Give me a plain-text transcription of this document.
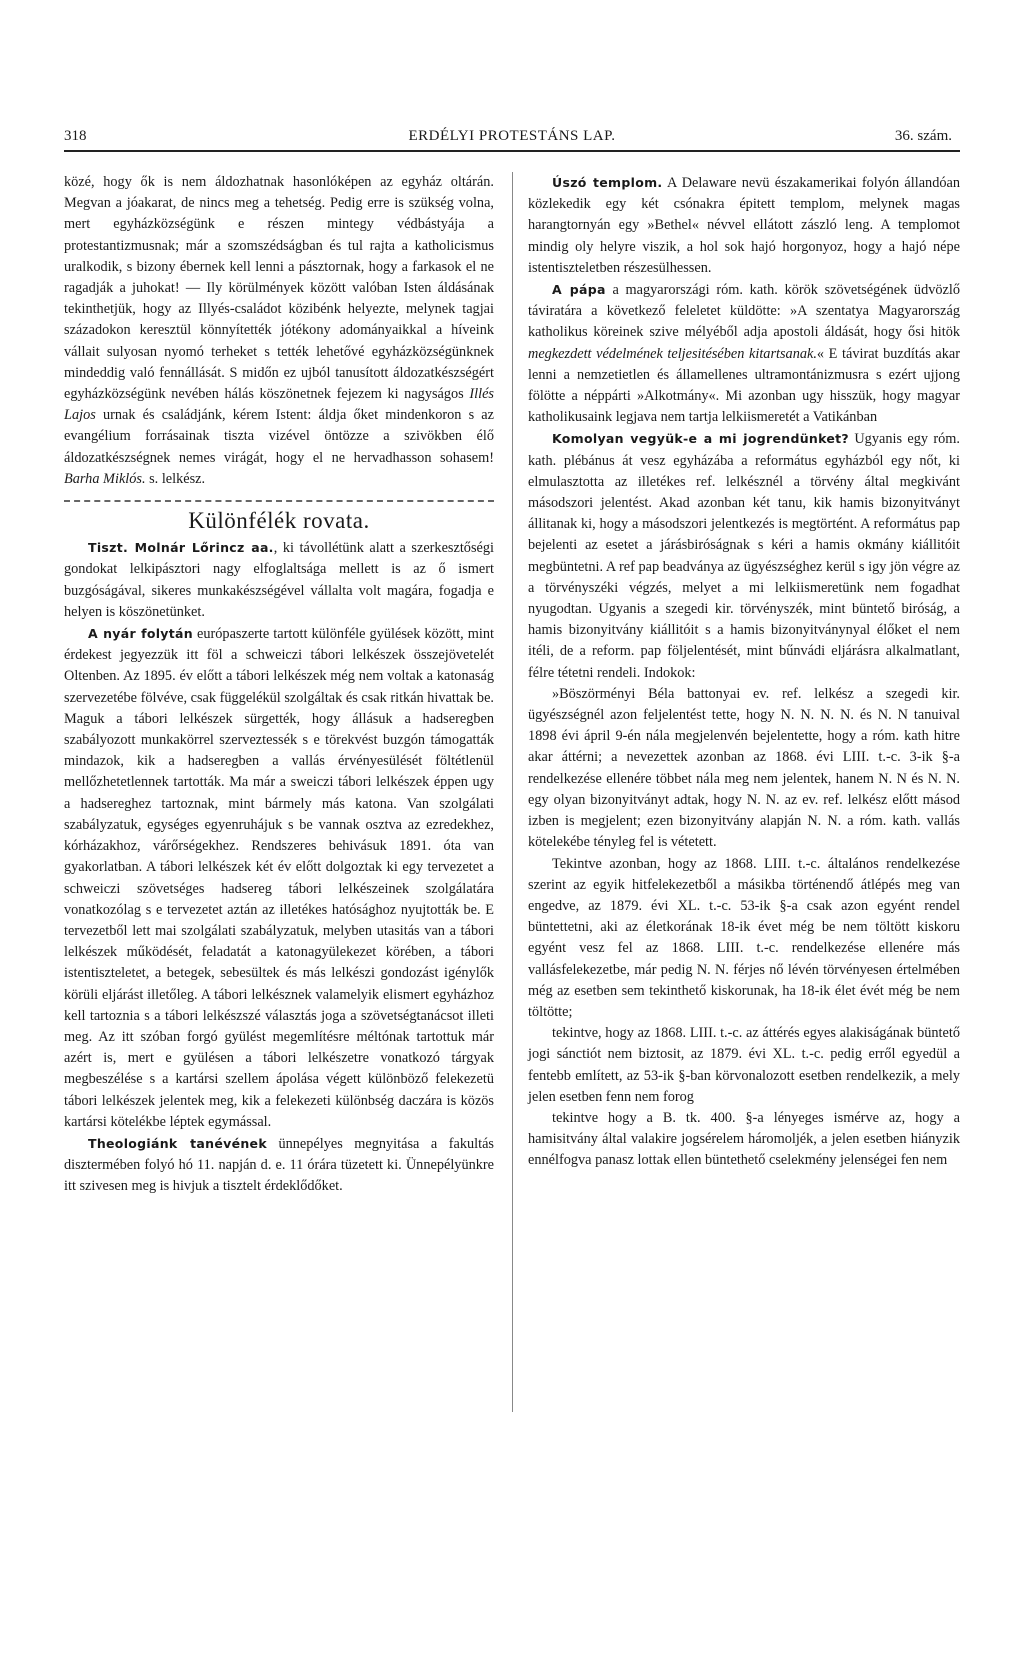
318	ERDÉLYI PROTESTÁNS LAP.	36. szám.

közé, hogy ők is nem áldozhatnak hasonlóképen az egyház oltárán. Megvan a jóakarat, de nincs meg a tehetség. Pedig erre is szükség volna, mert egyházközségünk e részen mintegy védbástyája a protestantizmusnak; már a szomszédságban és tul rajta a katholicismus uralkodik, s bizony ébernek kell lenni a pásztornak, hogy a farkasok el ne ragadják a juhokat! — Ily körülmények között valóban Isten áldásának tekinthetjük, hogy az Illyés-családot közibénk helyezte, melynek tagjai századokon keresztül könnyítették jótékony adományaikkal a híveink vállait sulyosan nyomó terheket s tették lehetővé egyházközségünknek mindeddig való fennállását. S midőn ez ujból tanusított áldozatkészségért egyházközségünk nevében hálás köszönetnek fejezem ki nagyságos Illés Lajos urnak és családjánk, kérem Istent: áldja őket mindenkoron s az evangélium forrásainak tiszta vizével öntözze a szivökben élő áldozatkészségnek nemes virágát, hogy el ne hervadhasson sohasem! Barha Miklós. s. lelkész.

Különfélék rovata.

Tiszt. Molnár Lőrincz aa., ki távollétünk alatt a szerkesztőségi gondokat lelkipásztori nagy elfoglaltsága mellett is az ő ismert buzgóságával, sikeres munkakészségével vállalta volt magára, fogadja e helyen is köszönetünket.

A nyár folytán európaszerte tartott különféle gyülések között, mint érdekest jegyezzük itt föl a schweiczi tábori lelkészek összejövetelét Oltenben. Az 1895. év előtt a tábori lelkészek még nem voltak a katonaság szervezetébe fölvéve, csak függelékül szolgáltak és csak ritkán hivattak be. Maguk a tábori lelkészek sürgették, hogy állásuk a hadseregben szabályozott munkakörrel szerveztessék s e törekvést buzgón támogatták mindazok, kik a hadseregben a vallás érvényesülését föltétlenül mellőzhetetlennek tartották. Ma már a sweiczi tábori lelkészek éppen ugy a hadsereghez tartoznak, mint bármely más katona. Van szolgálati szabályzatuk, egységes egyenruhájuk s be vannak osztva az ezredekhez, kórházakhoz, várőrségekhez. Rendszeres behivásuk 1891. óta van gyakorlatban. A tábori lelkészek két év előtt dolgoztak ki egy tervezetet a schweiczi szövetséges hadsereg tábori lelkészeinek szolgálatára vonatkozólag s e tervezetet aztán az illetékes hatósághoz nyujtották be. E tervezetből lett mai szolgálati szabályzatuk, melyben utasitás van a tábori lelkészek működését, feladatát a katonagyülekezet körében, a tábori istentiszteletet, a betegek, sebesültek és más lelkészi gondozást igénylők körüli eljárást illetőleg. A tábori lelkésznek valamelyik elismert egyházhoz kell tartoznia s a tábori lelkészszé választás joga a szövetségtanácsot illeti meg. Az itt szóban forgó gyülést megemlítésre méltónak tartottuk már azért is, mert e gyülésen a tábori lelkészetre vonatkozó tárgyak megbeszélése s a kartársi szellem ápolása végett különböző felekezetü tábori lelkészek jelentek meg, kik a felekezeti különbség daczára is közös kartársi kötelékbe léptek egymással.

Theologiánk tanévének ünnepélyes megnyitása a fakultás disztermében folyó hó 11. napján d. e. 11 órára tüzetett ki. Ünnepélyünkre itt szivesen meg is hivjuk a tisztelt érdeklődőket.

Úszó templom. A Delaware nevü északamerikai folyón állandóan közlekedik egy két csónakra épitett templom, melynek magas harangtornyán egy »Bethel« névvel ellátott zászló leng. A templomot mindig oly helyre viszik, a hol sok hajó horgonyoz, hogy a hajó népe istentiszteletben részesülhessen.

A pápa a magyarországi róm. kath. körök szövetségének üdvözlő táviratára a következő feleletet küldötte: »A szentatya Magyarország katholikus köreinek szive mélyéből adja apostoli áldását, hogy ősi hitök megkezdett védelmének teljesitésében kitartsanak.« E távirat buzdítás akar lenni a nemzetietlen és államellenes ultramontánizmusra s ezért ujjong fölötte a néppárti »Alkotmány«. Mi azonban ugy hisszük, hogy magyar katholikusaink legjava nem tartja lelkiismeretét a Vatikánban

Komolyan vegyük-e a mi jogrendünket? Ugyanis egy róm. kath. plébánus át vesz egyházába a református egyházból egy nőt, ki elmulasztotta az illetékes ref. lelkésznél a törvény által megkivánt másodszori jelentést. Akad azonban két tanu, kik hamis bizonyitványt állitanak ki, hogy a másodszori jelentkezés is megtörtént. A református pap bejelenti az esetet a járásbiróságnak s kéri a hamis okmány kiállitóit megbüntetni. A ref pap beadványa az ügyészséghez kerül s igy jön végre az a törvényszéki végzés, melyet a mi lelkiismeretünk nem fogadhat nyugodtan. Ugyanis a szegedi kir. törvényszék, mint büntető biróság, a hamis bizonyitvány kiállitóit s a hamis bizonyitványnyal élőket el nem itéli, de a reform. pap följelentését, mint bűnvádi eljárásra alkalmatlant, félre tétetni rendeli. Indokok:

»Böszörményi Béla battonyai ev. ref. lelkész a szegedi kir. ügyészségnél azon feljelentést tette, hogy N. N. N. N. és N. N tanuival 1898 évi ápril 9-én nála megjelenvén bejelentette, hogy a róm. kath hitre akar áttérni; a nevezettek azonban az 1868. évi LIII. t.-c. 3-ik §-a rendelkezése ellenére többet nála meg nem jelentek, hanem N. N és N. N. egy olyan bizonyitványt adtak, hogy N. N. az ev. ref. lelkész előtt másod izben is megjelent; ezen bizonyitvány alapján N. N. a róm. kath. vallás kötelekébe tényleg fel is vétetett.

Tekintve azonban, hogy az 1868. LIII. t.-c. általános rendelkezése szerint az egyik hitfelekezetből a másikba történendő átlépés meg van engedve, az 1879. évi XL. t.-c. 53-ik §-a csak azon egyént rendel büntettetni, aki az életkorának 18-ik évet még be nem töltött kiskoru egyént vesz fel az 1868. LIII. t.-c. rendelkezése ellenére más vallásfelekezetbe, már pedig N. N. férjes nő lévén törvényesen értelmében még az esetben sem tekinthető kiskorunak, ha 18-ik élet évét még be nem töltötte;

tekintve, hogy az 1868. LIII. t.-c. az áttérés egyes alakiságának büntető jogi sánctiót nem biztosit, az 1879. évi XL. t.-c. pedig erről egyedül a fentebb említett, az 53-ik §-ban körvonalozott esetben rendelkezik, a mely jelen esetben fenn nem forog

tekintve hogy a B. tk. 400. §-a lényeges ismérve az, hogy a hamisitvány által valakire jogsérelem háromoljék, a jelen esetben hiányzik ennélfogva panasz lottak ellen büntethető cselekmény jelenségei fen nem
